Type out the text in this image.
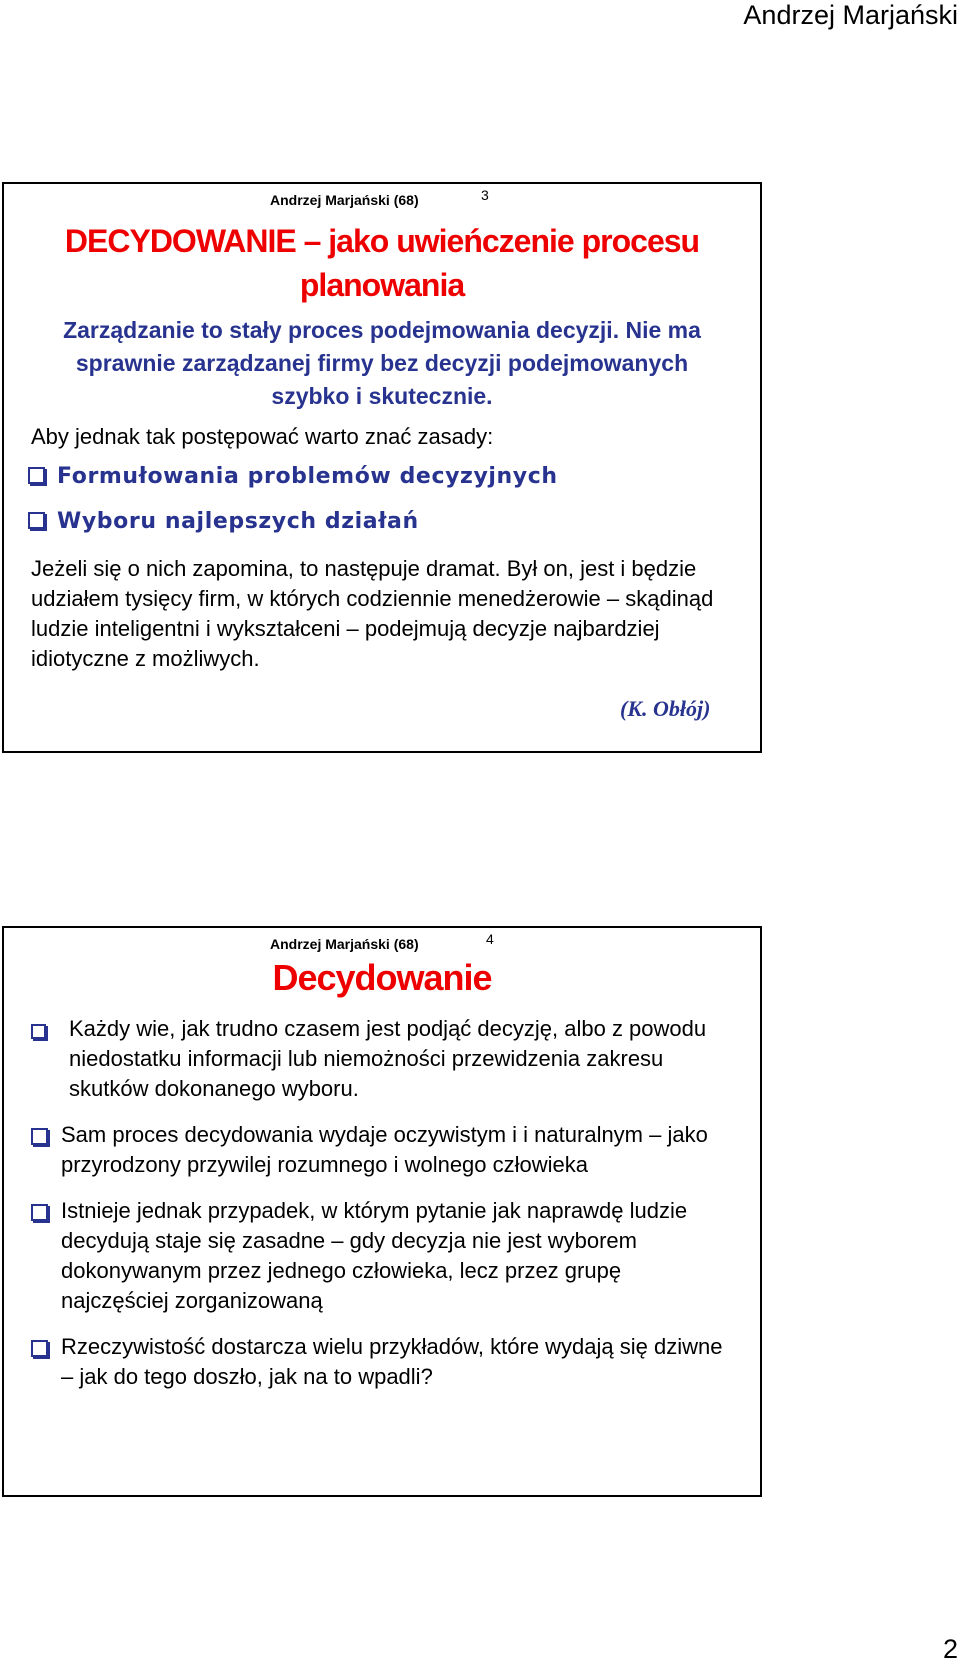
Andrzej Marjański
Andrzej Marjański (68)	3
DECYDOWANIE – jako uwieńczenie procesu planowania
Zarządzanie to stały proces podejmowania decyzji. Nie ma sprawnie zarządzanej firmy bez decyzji podejmowanych szybko i skutecznie.
Aby jednak tak postępować warto znać zasady:
Formułowania problemów decyzyjnych
Wyboru najlepszych działań
Jeżeli się o nich zapomina, to następuje dramat. Był on, jest i będzie udziałem tysięcy firm, w których codziennie menedżerowie – skądinąd ludzie inteligentni i wykształceni – podejmują decyzje najbardziej idiotyczne z możliwych.
(K. Obłój)
Andrzej Marjański (68)	4
Decydowanie
Każdy wie, jak trudno czasem jest podjąć decyzję, albo z powodu niedostatku informacji lub niemożności przewidzenia zakresu skutków dokonanego wyboru.
Sam proces decydowania wydaje oczywistym i i naturalnym – jako przyrodzony przywilej rozumnego i wolnego człowieka
Istnieje jednak przypadek, w którym pytanie jak naprawdę ludzie decydują staje się zasadne – gdy decyzja nie jest wyborem dokonywanym przez jednego człowieka, lecz przez grupę najczęściej zorganizowaną
Rzeczywistość dostarcza wielu przykładów, które wydają się dziwne – jak do tego doszło, jak na to wpadli?
2
